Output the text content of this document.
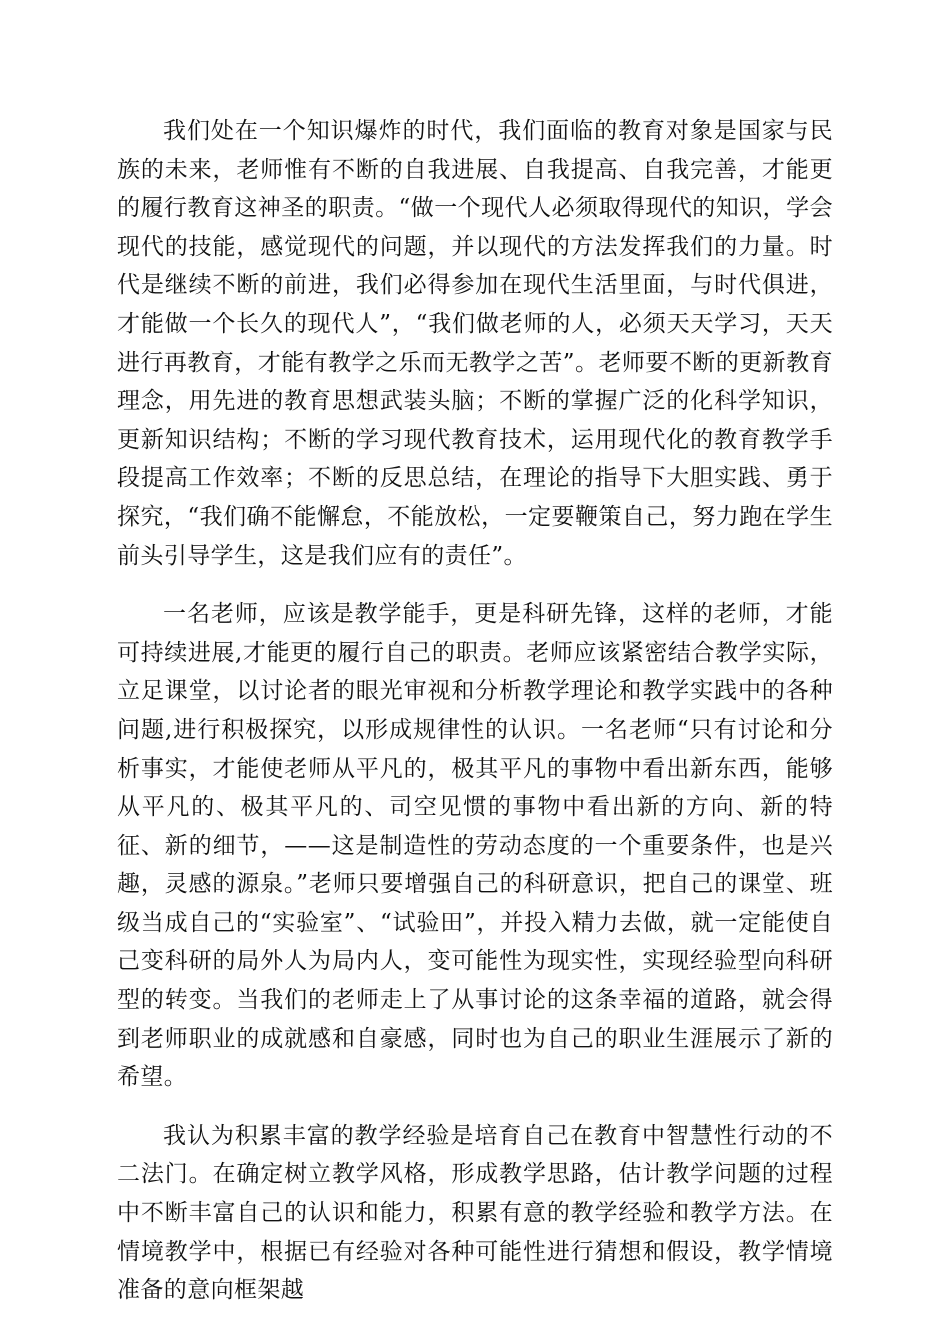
我们处在一个知识爆炸的时代，我们面临的教育对象是国家与民族的未来，老师惟有不断的自我进展、自我提高、自我完善，才能更的履行教育这神圣的职责。“做一个现代人必须取得现代的知识，学会现代的技能，感觉现代的问题，并以现代的方法发挥我们的力量。时代是继续不断的前进，我们必得参加在现代生活里面，与时代俱进，才能做一个长久的现代人”，“我们做老师的人，必须天天学习，天天进行再教育，才能有教学之乐而无教学之苦”。老师要不断的更新教育理念，用先进的教育思想武装头脑；不断的掌握广泛的化科学知识，更新知识结构；不断的学习现代教育技术，运用现代化的教育教学手段提高工作效率；不断的反思总结，在理论的指导下大胆实践、勇于探究，“我们确不能懈怠，不能放松，一定要鞭策自己，努力跑在学生前头引导学生，这是我们应有的责任”。

一名老师，应该是教学能手，更是科研先锋，这样的老师，才能可持续进展,才能更的履行自己的职责。老师应该紧密结合教学实际，立足课堂，以讨论者的眼光审视和分析教学理论和教学实践中的各种问题,进行积极探究，以形成规律性的认识。一名老师“只有讨论和分析事实，才能使老师从平凡的，极其平凡的事物中看出新东西，能够从平凡的、极其平凡的、司空见惯的事物中看出新的方向、新的特征、新的细节，——这是制造性的劳动态度的一个重要条件，也是兴趣，灵感的源泉。”老师只要增强自己的科研意识，把自己的课堂、班级当成自己的“实验室”、“试验田”，并投入精力去做，就一定能使自己变科研的局外人为局内人，变可能性为现实性，实现经验型向科研型的转变。当我们的老师走上了从事讨论的这条幸福的道路，就会得到老师职业的成就感和自豪感，同时也为自己的职业生涯展示了新的希望。

我认为积累丰富的教学经验是培育自己在教育中智慧性行动的不二法门。在确定树立教学风格，形成教学思路，估计教学问题的过程中不断丰富自己的认识和能力，积累有意的教学经验和教学方法。在情境教学中，根据已有经验对各种可能性进行猜想和假设，教学情境准备的意向框架越
